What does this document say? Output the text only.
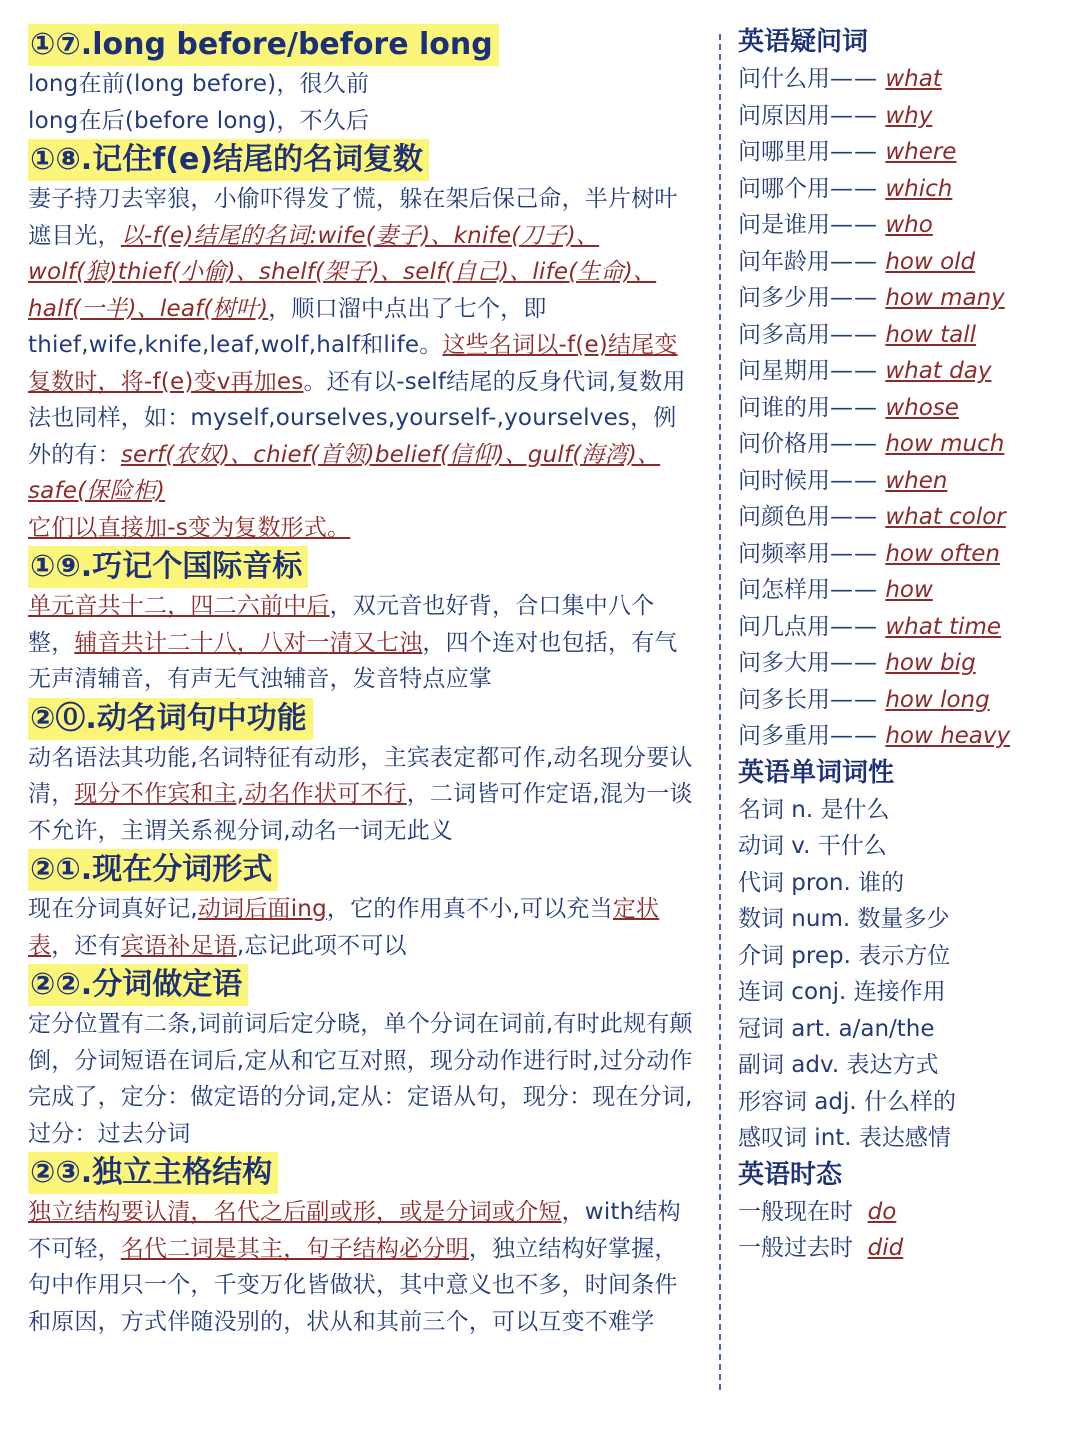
①⑦.long before/before long

long在前(long before)，很久前

long在后(before long)，不久后

①⑧.记住f(e)结尾的名词复数

妻子持刀去宰狼，小偷吓得发了慌，躲在架后保己命，半片树叶遮目光，以-f(e)结尾的名词:wife(妻子)、knife(刀子)、wolf(狼)thief(小偷)、shelf(架子)、self(自己)、life(生命)、half(一半)、leaf(树叶)，顺口溜中点出了七个，即thief,wife,knife,leaf,wolf,half和life。这些名词以-f(e)结尾变复数时，将-f(e)变v再加es。还有以-self结尾的反身代词,复数用法也同样，如：myself,ourselves,yourself-,yourselves，例外的有：serf(农奴)、chief(首领)belief(信仰)、gulf(海湾)、safe(保险柜)
它们以直接加-s变为复数形式。

①⑨.巧记个国际音标

单元音共十二，四二六前中后，双元音也好背，合口集中八个整，辅音共计二十八，八对一清又七浊，四个连对也包括，有气无声清辅音，有声无气浊辅音，发音特点应掌

②⓪.动名词句中功能

动名语法其功能,名词特征有动形，主宾表定都可作,动名现分要认清，现分不作宾和主,动名作状可不行，二词皆可作定语,混为一谈不允许，主谓关系视分词,动名一词无此义

②①.现在分词形式

现在分词真好记,动词后面ing，它的作用真不小,可以充当定状表，还有宾语补足语,忘记此项不可以

②②.分词做定语

定分位置有二条,词前词后定分晓，单个分词在词前,有时此规有颠倒，分词短语在词后,定从和它互对照，现分动作进行时,过分动作完成了，定分：做定语的分词,定从：定语从句，现分：现在分词,过分：过去分词

②③.独立主格结构

独立结构要认清，名代之后副或形，或是分词或介短，with结构不可轻，名代二词是其主，句子结构必分明，独立结构好掌握，句中作用只一个，千变万化皆做状，其中意义也不多，时间条件和原因，方式伴随没别的，状从和其前三个，可以互变不难学

英语疑问词
问什么用—— what
问原因用—— why
问哪里用—— where
问哪个用—— which
问是谁用—— who
问年龄用—— how old
问多少用—— how many
问多高用—— how tall
问星期用—— what day
问谁的用—— whose
问价格用—— how much
问时候用—— when
问颜色用—— what color
问频率用—— how often
问怎样用—— how
问几点用—— what time
问多大用—— how big
问多长用—— how long
问多重用—— how heavy
英语单词词性
名词 n. 是什么
动词 v. 干什么
代词 pron. 谁的
数词 num. 数量多少
介词 prep. 表示方位
连词 conj. 连接作用
冠词 art. a/an/the
副词 adv. 表达方式
形容词 adj. 什么样的
感叹词 int. 表达感情
英语时态
一般现在时 do
一般过去时 did
